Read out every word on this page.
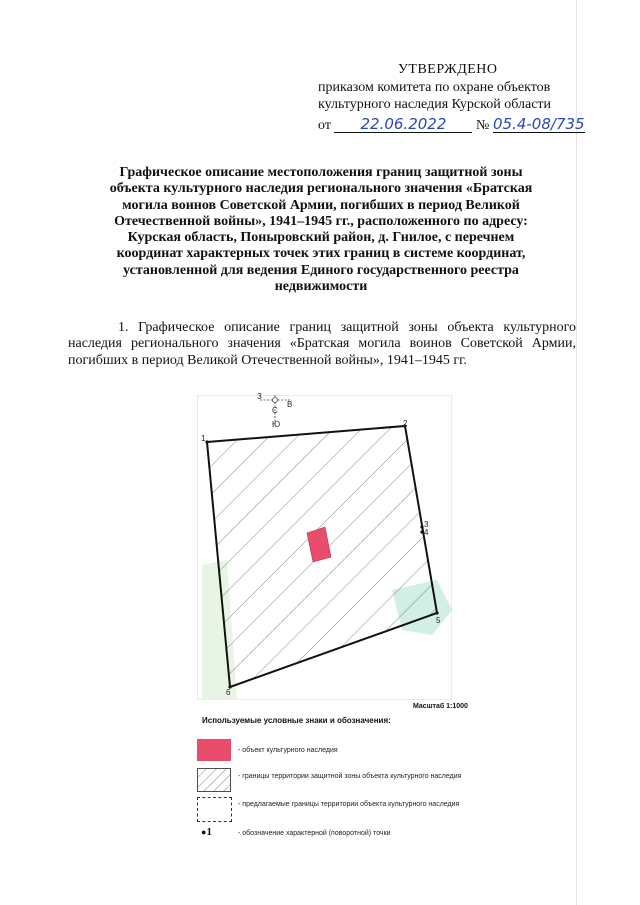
УТВЕРЖДЕНО
приказом комитета по охране объектов
культурного наследия Курской области
от 22.06.2022 № 05.4-08/735
Графическое описание местоположения границ защитной зоны
объекта культурного наследия регионального значения «Братская
могила воинов Советской Армии, погибших в период Великой
Отечественной войны», 1941–1945 гг., расположенного по адресу:
Курская область, Поныровский район, д. Гнилое, с перечнем
координат характерных точек этих границ в системе координат,
установленной для ведения Единого государственного реестра
недвижимости
1. Графическое описание границ защитной зоны объекта культурного наследия регионального значения «Братская могила воинов Советской Армии, погибших в период Великой Отечественной войны», 1941–1945 гг.
С
Ю
З
В
1
2
3
4
5
6
Масштаб 1:1000
Используемые условные знаки и обозначения:
- объект культурного наследия
- границы территории защитной зоны объекта культурного наследия
- предлагаемые границы территории объекта культурного наследия
●1	- обозначение характерной (поворотной) точки
